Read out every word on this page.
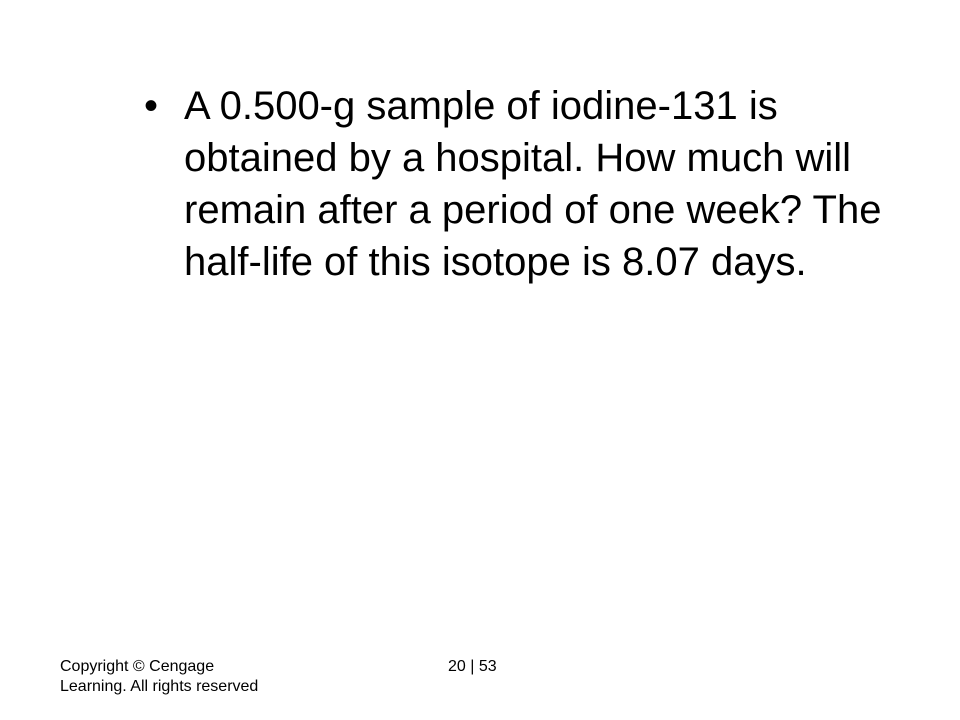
• A 0.500-g sample of iodine-131 is obtained by a hospital. How much will remain after a period of one week? The half-life of this isotope is 8.07 days.
Copyright © Cengage Learning. All rights reserved
20 | 53
